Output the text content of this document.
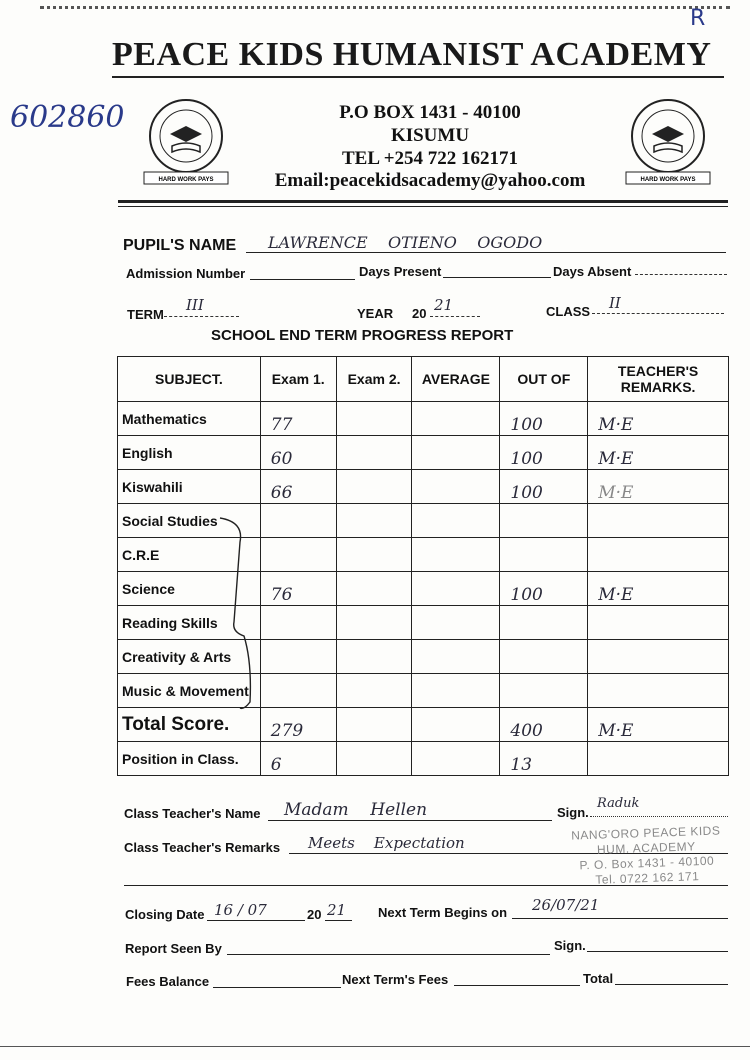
R
602860
PEACE KIDS HUMANIST ACADEMY
HARD WORK PAYS	HARD WORK PAYS
P.O BOX 1431 - 40100
KISUMU
TEL +254 722 162171
Email:peacekidsacademy@yahoo.com
PUPIL'S NAME LAWRENCE    OTIENO    OGODO
Admission Number	Days Present	Days Absent
TERM
III	YEAR 20 21	CLASS II
SCHOOL END TERM PROGRESS REPORT
SUBJECT.	Exam 1.	Exam 2.	AVERAGE	OUT OF	TEACHER'S REMARKS.
Mathematics	77			100	M·E
English	60			100	M·E
Kiswahili	66			100	M·E
Social Studies					
C.R.E					
Science	76			100	M·E
Reading Skills					
Creativity & Arts					
Music & Movement					
Total Score.	279			400	M·E
Position in Class.	6			13	
Class Teacher's Name Madam    Hellen	Sign.
Raduk
Class Teacher's Remarks Meets    Expectation
NANG'ORO PEACE KIDS
HUM. ACADEMY
P. O. Box 1431 - 40100
Tel. 0722 162 171
Closing Date 16 / 07	20 21 Next Term Begins on 26/07/21
Report Seen By	Sign.
Fees Balance	Next Term's Fees	Total
